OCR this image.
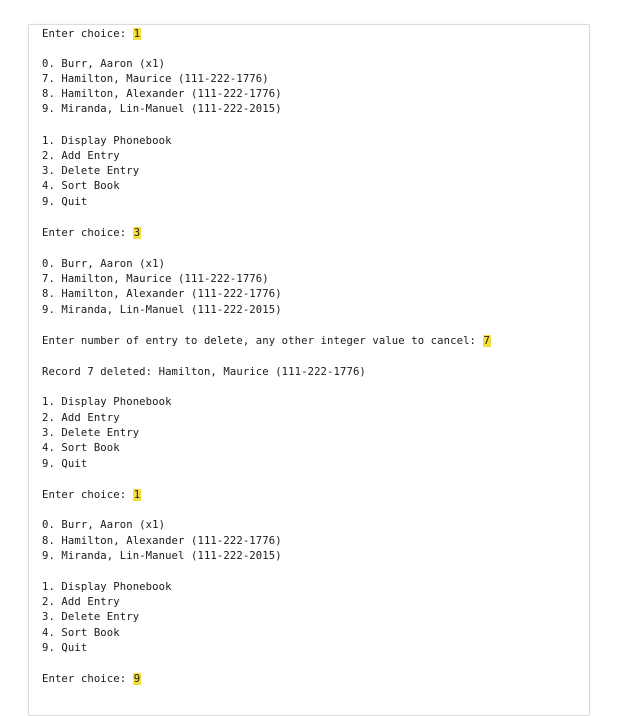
Enter choice: 1
0. Burr, Aaron (x1)
7. Hamilton, Maurice (111-222-1776)
8. Hamilton, Alexander (111-222-1776)
9. Miranda, Lin-Manuel (111-222-2015)
1. Display Phonebook
2. Add Entry
3. Delete Entry
4. Sort Book
9. Quit
Enter choice: 3
0. Burr, Aaron (x1)
7. Hamilton, Maurice (111-222-1776)
8. Hamilton, Alexander (111-222-1776)
9. Miranda, Lin-Manuel (111-222-2015)
Enter number of entry to delete, any other integer value to cancel: 7
Record 7 deleted: Hamilton, Maurice (111-222-1776)
1. Display Phonebook
2. Add Entry
3. Delete Entry
4. Sort Book
9. Quit
Enter choice: 1
0. Burr, Aaron (x1)
8. Hamilton, Alexander (111-222-1776)
9. Miranda, Lin-Manuel (111-222-2015)
1. Display Phonebook
2. Add Entry
3. Delete Entry
4. Sort Book
9. Quit
Enter choice: 9
